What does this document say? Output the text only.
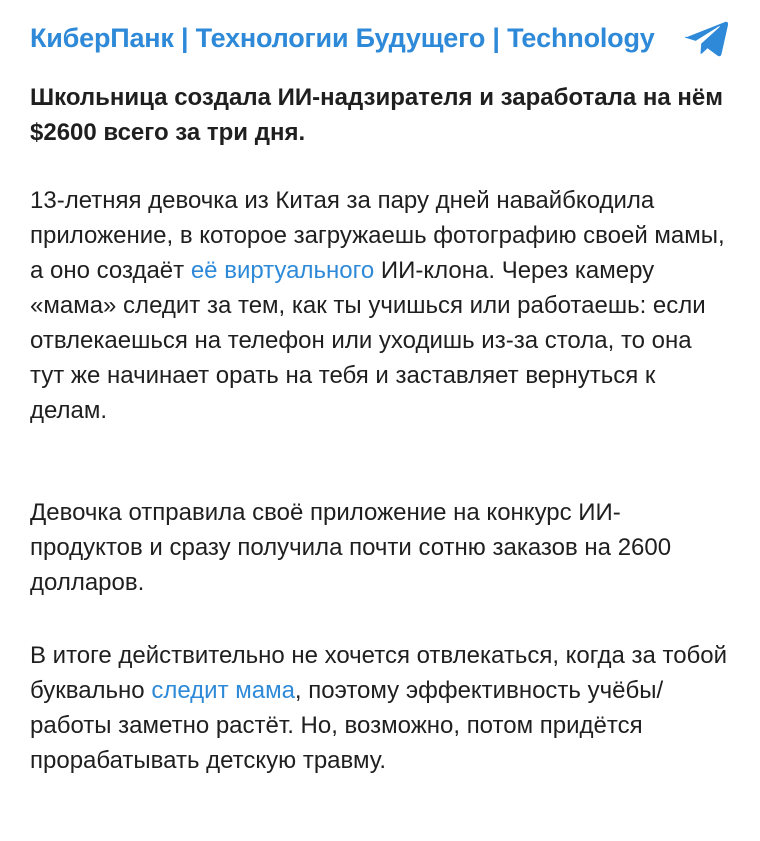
КиберПанк | Технологии Будущего | Technology

Школьница создала ИИ-надзирателя и заработала на нём $2600 всего за три дня.

13-летняя девочка из Китая за пару дней навайбкодила приложение, в которое загружаешь фотографию своей мамы, а оно создаёт её виртуального ИИ-клона. Через камеру «мама» следит за тем, как ты учишься или работаешь: если отвлекаешься на телефон или уходишь из-за стола, то она тут же начинает орать на тебя и заставляет вернуться к делам.

Девочка отправила своё приложение на конкурс ИИ-продуктов и сразу получила почти сотню заказов на 2600 долларов.

В итоге действительно не хочется отвлекаться, когда за тобой буквально следит мама, поэтому эффективность учёбы/работы заметно растёт. Но, возможно, потом придётся прорабатывать детскую травму.
